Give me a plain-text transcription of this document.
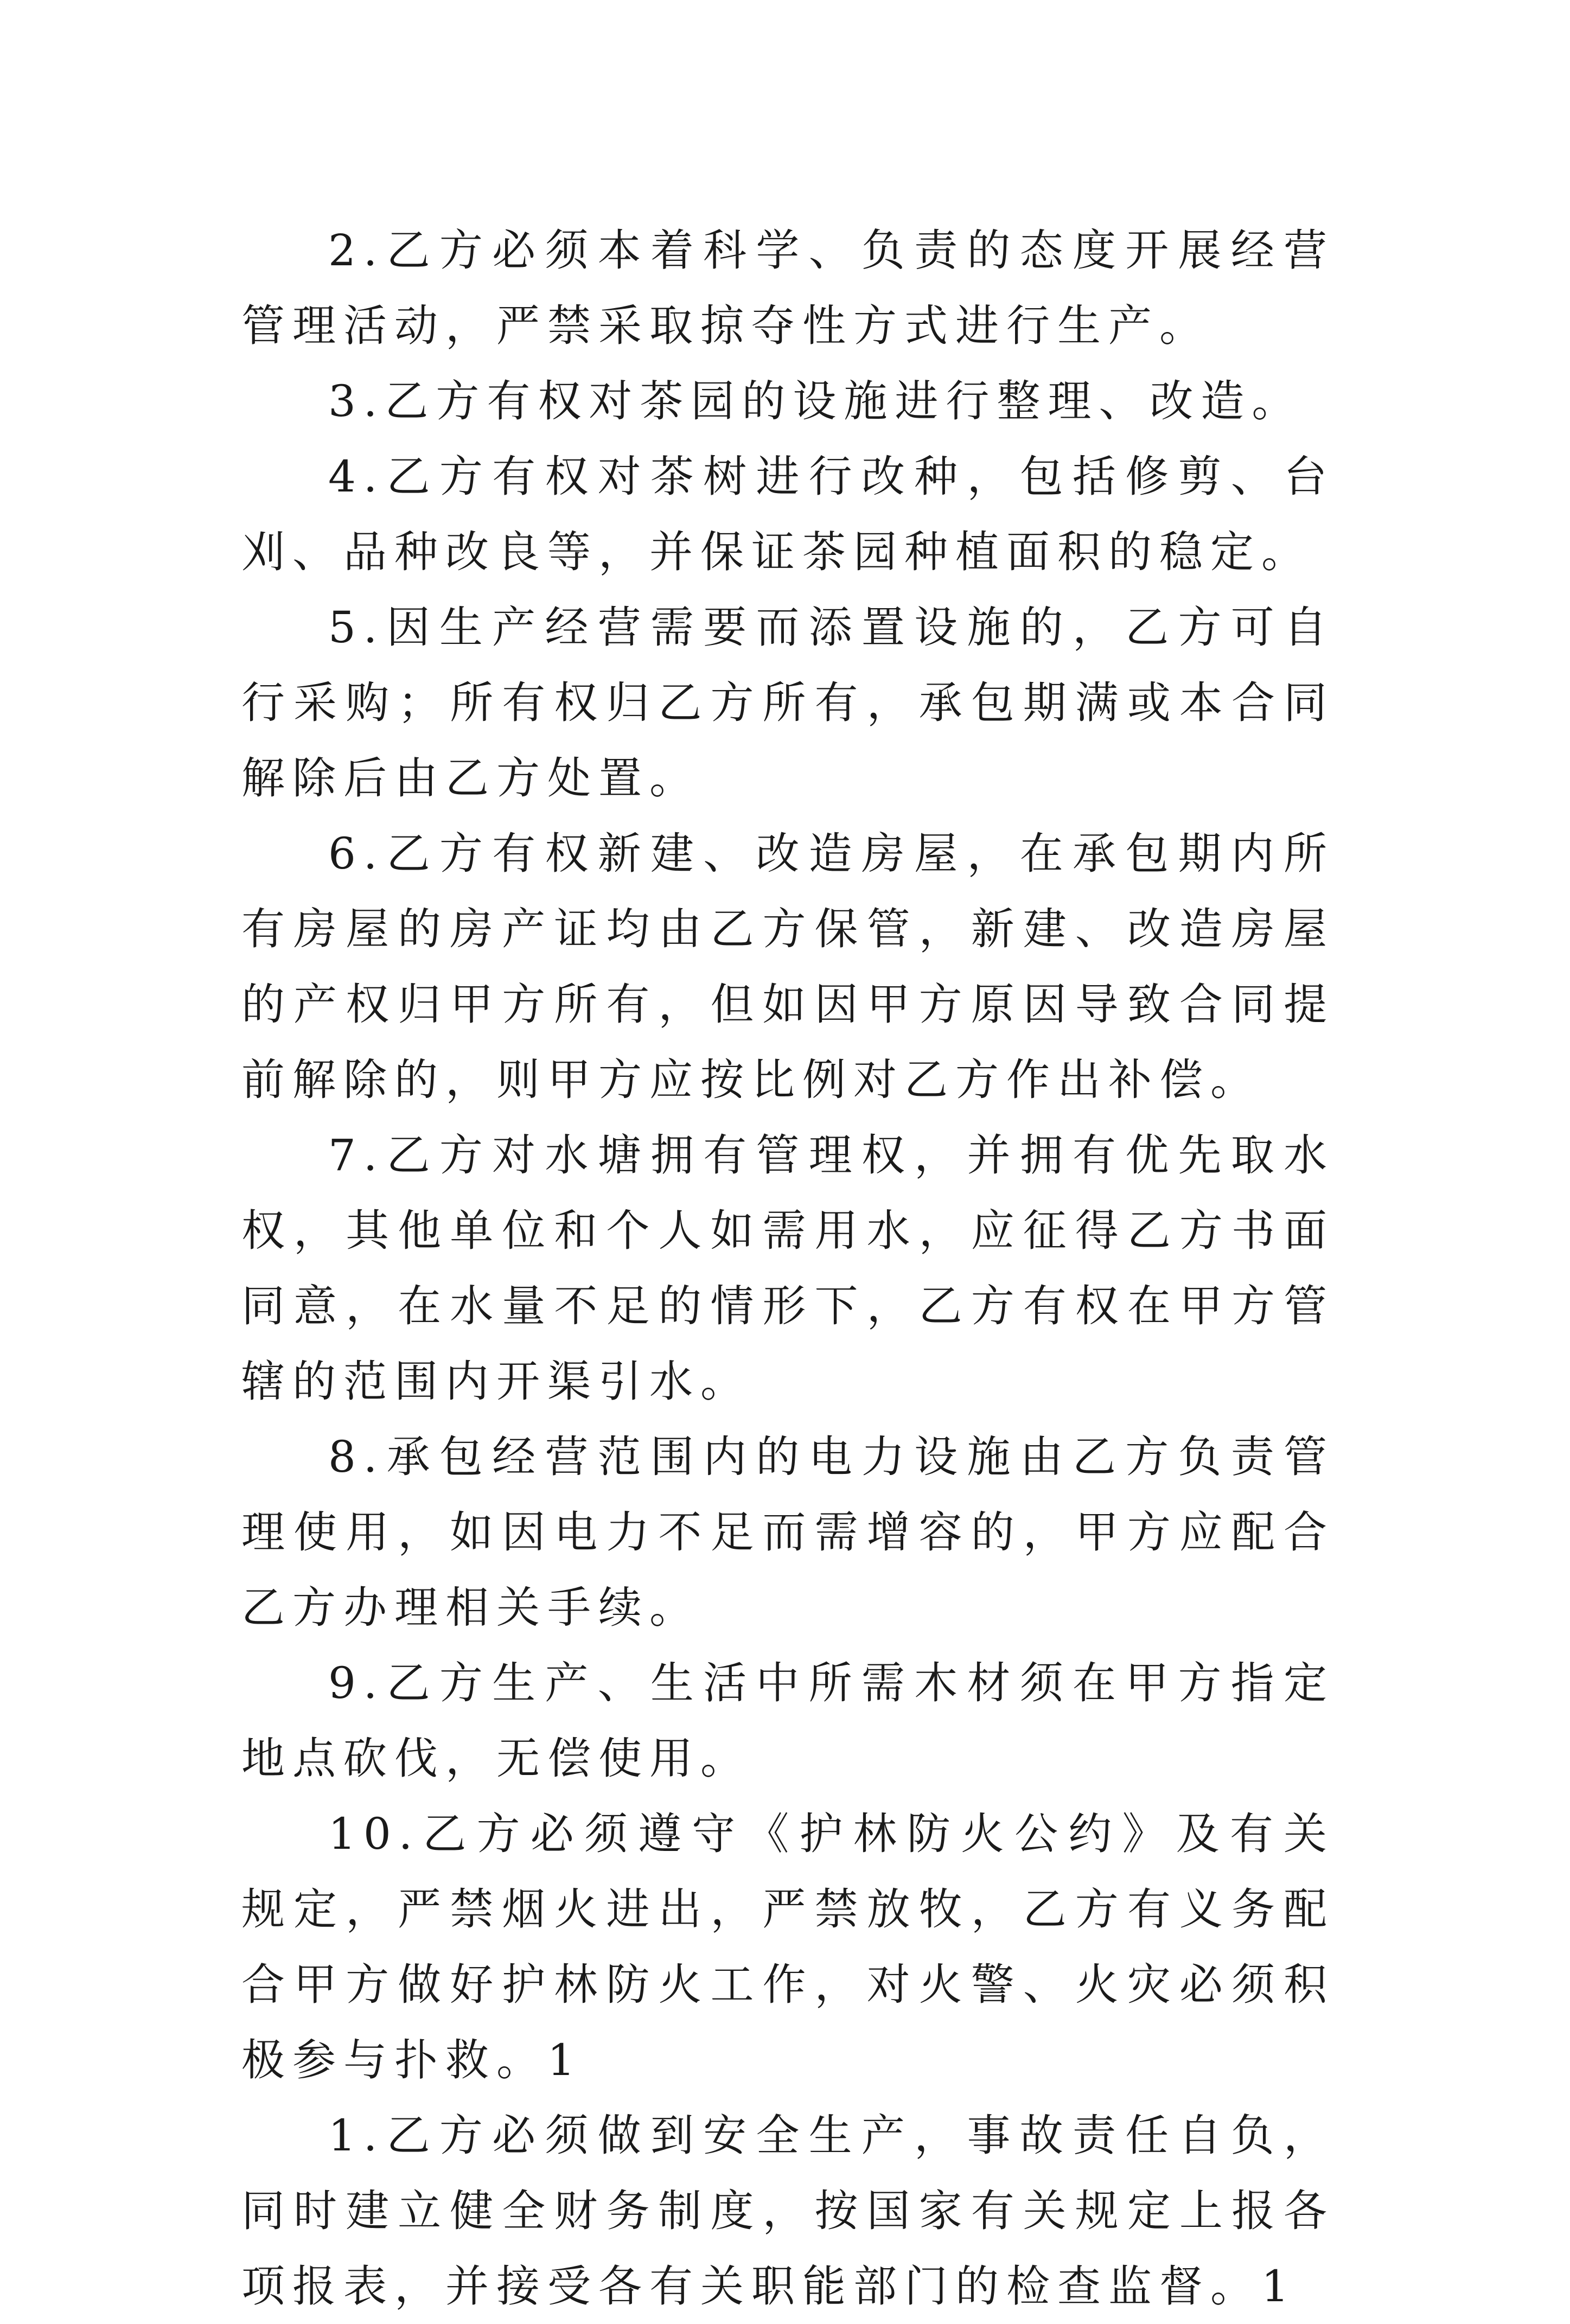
2.乙方必须本着科学、负责的态度开展经营管理活动，严禁采取掠夺性方式进行生产。

3.乙方有权对茶园的设施进行整理、改造。

4.乙方有权对茶树进行改种，包括修剪、台刈、品种改良等，并保证茶园种植面积的稳定。

5.因生产经营需要而添置设施的，乙方可自行采购；所有权归乙方所有，承包期满或本合同解除后由乙方处置。

6.乙方有权新建、改造房屋，在承包期内所有房屋的房产证均由乙方保管，新建、改造房屋的产权归甲方所有，但如因甲方原因导致合同提前解除的，则甲方应按比例对乙方作出补偿。

7.乙方对水塘拥有管理权，并拥有优先取水权，其他单位和个人如需用水，应征得乙方书面同意，在水量不足的情形下，乙方有权在甲方管辖的范围内开渠引水。

8.承包经营范围内的电力设施由乙方负责管理使用，如因电力不足而需增容的，甲方应配合乙方办理相关手续。

9.乙方生产、生活中所需木材须在甲方指定地点砍伐，无偿使用。

10.乙方必须遵守《护林防火公约》及有关规定，严禁烟火进出，严禁放牧，乙方有义务配合甲方做好护林防火工作，对火警、火灾必须积极参与扑救。1

1.乙方必须做到安全生产，事故责任自负，同时建立健全财务制度，按国家有关规定上报各项报表，并接受各有关职能部门的检查监督。1
